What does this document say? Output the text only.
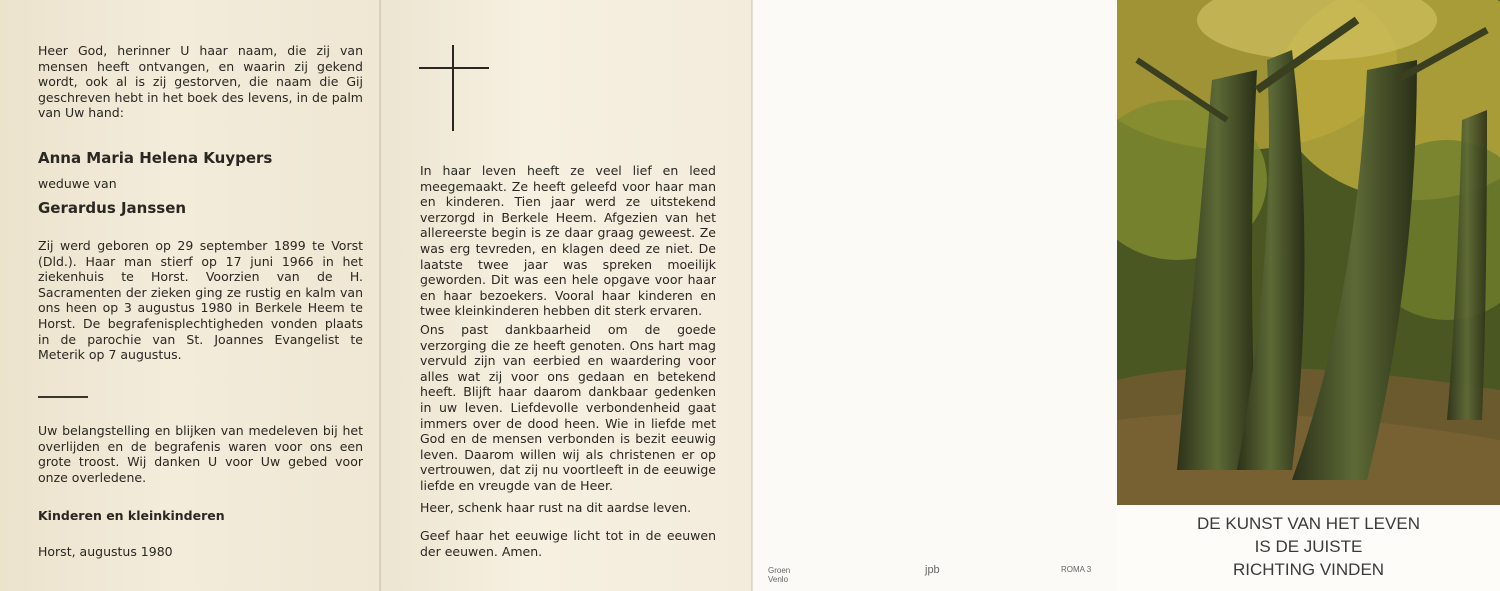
Heer God, herinner U haar naam, die zij van mensen heeft ontvangen, en waarin zij gekend wordt, ook al is zij gestorven, die naam die Gij geschreven hebt in het boek des levens, in de palm van Uw hand:
Anna Maria Helena Kuypers
weduwe van
Gerardus Janssen
Zij werd geboren op 29 september 1899 te Vorst (Dld.). Haar man stierf op 17 juni 1966 in het ziekenhuis te Horst. Voorzien van de H. Sacramenten der zieken ging ze rustig en kalm van ons heen op 3 augustus 1980 in Berkele Heem te Horst. De begrafenisplechtigheden vonden plaats in de parochie van St. Joannes Evangelist te Meterik op 7 augustus.
Uw belangstelling en blijken van medeleven bij het overlijden en de begrafenis waren voor ons een grote troost. Wij danken U voor Uw gebed voor onze overledene.
Kinderen en kleinkinderen
Horst, augustus 1980
In haar leven heeft ze veel lief en leed meegemaakt. Ze heeft geleefd voor haar man en kinderen. Tien jaar werd ze uitstekend verzorgd in Berkele Heem. Afgezien van het allereerste begin is ze daar graag geweest. Ze was erg tevreden, en klagen deed ze niet. De laatste twee jaar was spreken moeilijk geworden. Dit was een hele opgave voor haar en haar bezoekers. Vooral haar kinderen en twee kleinkinderen hebben dit sterk ervaren.
Ons past dankbaarheid om de goede verzorging die ze heeft genoten. Ons hart mag vervuld zijn van eerbied en waardering voor alles wat zij voor ons gedaan en betekend heeft. Blijft haar daarom dankbaar gedenken in uw leven. Liefdevolle verbondenheid gaat immers over de dood heen. Wie in liefde met God en de mensen verbonden is bezit eeuwig leven. Daarom willen wij als christenen er op vertrouwen, dat zij nu voortleeft in de eeuwige liefde en vreugde van de Heer.
Heer, schenk haar rust na dit aardse leven.
Geef haar het eeuwige licht tot in de eeuwen der eeuwen. Amen.
Groen
Venlo
jpb	ROMA 3
DE KUNST VAN HET LEVEN
IS DE JUISTE
RICHTING VINDEN
